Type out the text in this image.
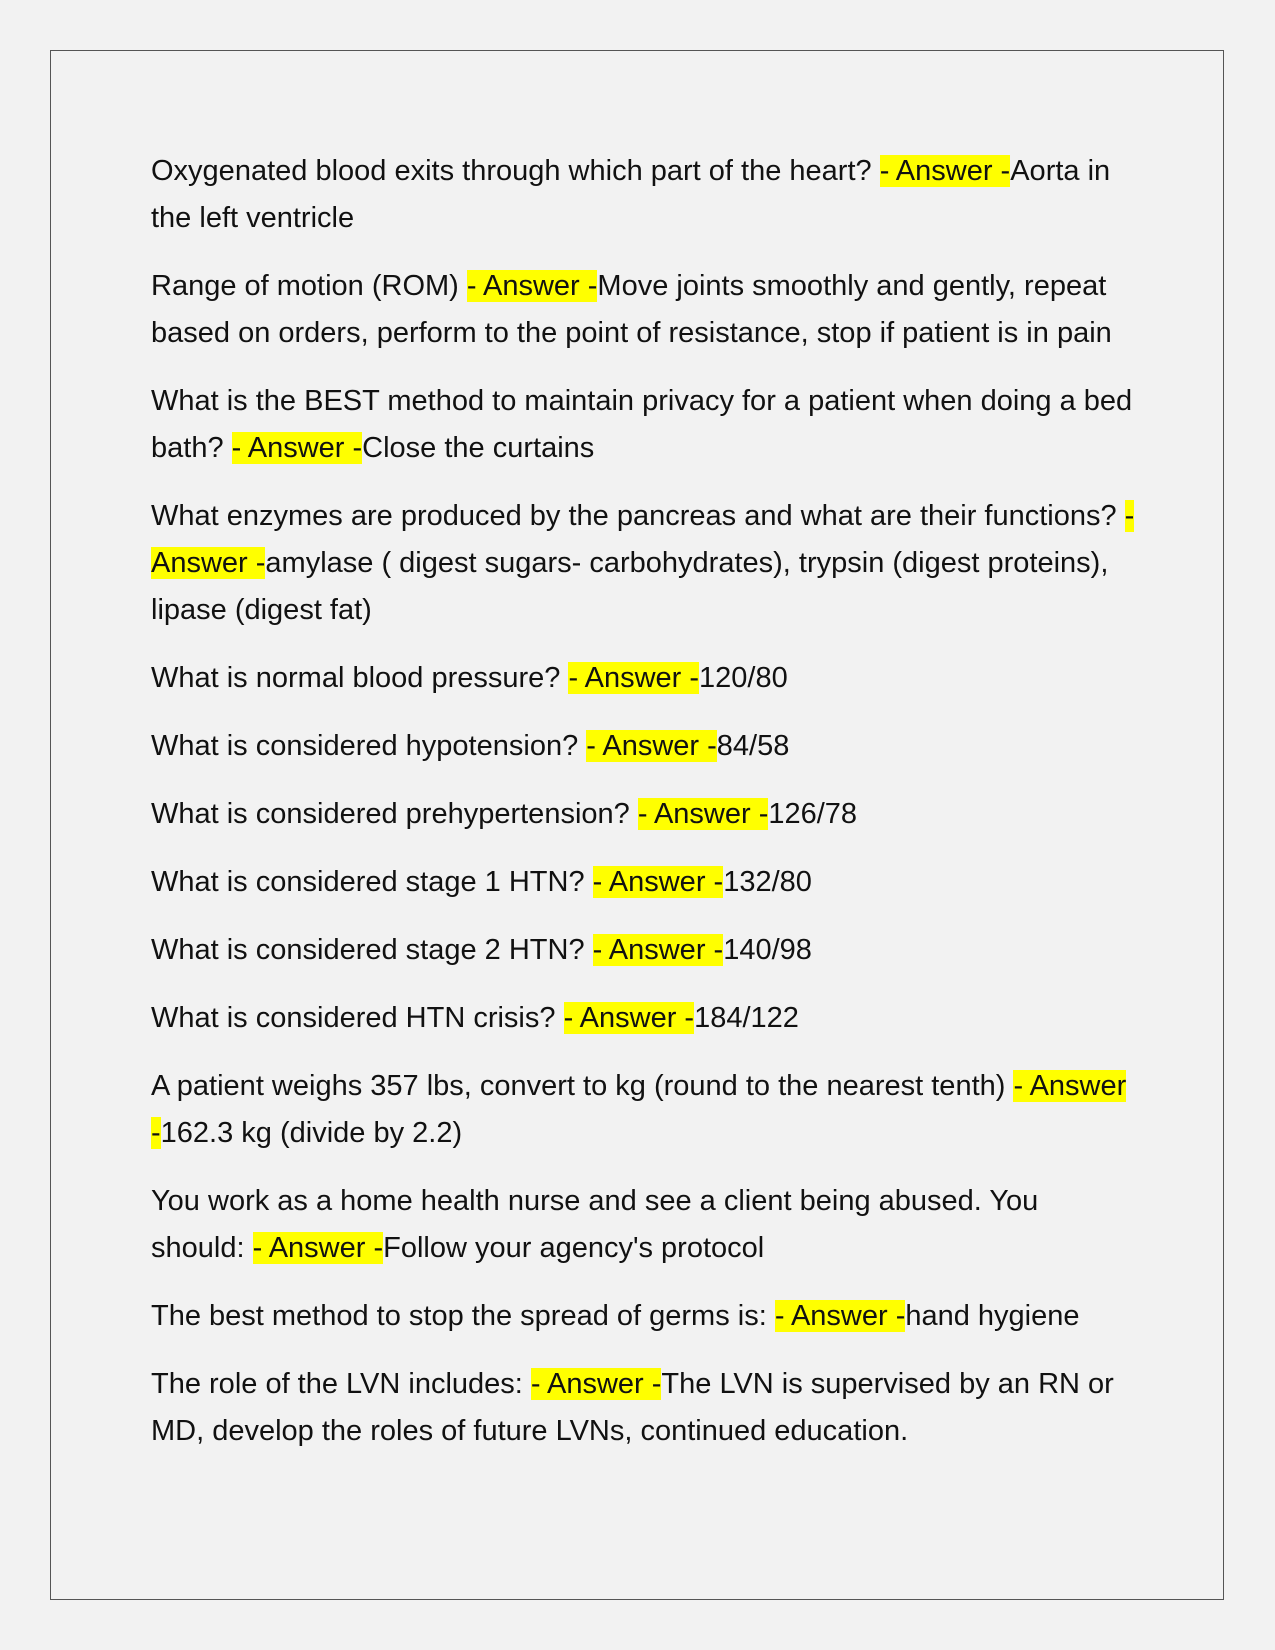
Oxygenated blood exits through which part of the heart? - Answer -Aorta in the left ventricle

Range of motion (ROM) - Answer -Move joints smoothly and gently, repeat based on orders, perform to the point of resistance, stop if patient is in pain

What is the BEST method to maintain privacy for a patient when doing a bed bath? - Answer -Close the curtains

What enzymes are produced by the pancreas and what are their functions? - Answer -amylase ( digest sugars- carbohydrates), trypsin (digest proteins), lipase (digest fat)

What is normal blood pressure? - Answer -120/80

What is considered hypotension? - Answer -84/58

What is considered prehypertension? - Answer -126/78

What is considered stage 1 HTN? - Answer -132/80

What is considered stage 2 HTN? - Answer -140/98

What is considered HTN crisis? - Answer -184/122

A patient weighs 357 lbs, convert to kg (round to the nearest tenth) - Answer -162.3 kg (divide by 2.2)

You work as a home health nurse and see a client being abused. You should: - Answer -Follow your agency's protocol

The best method to stop the spread of germs is: - Answer -hand hygiene

The role of the LVN includes: - Answer -The LVN is supervised by an RN or MD, develop the roles of future LVNs, continued education.
